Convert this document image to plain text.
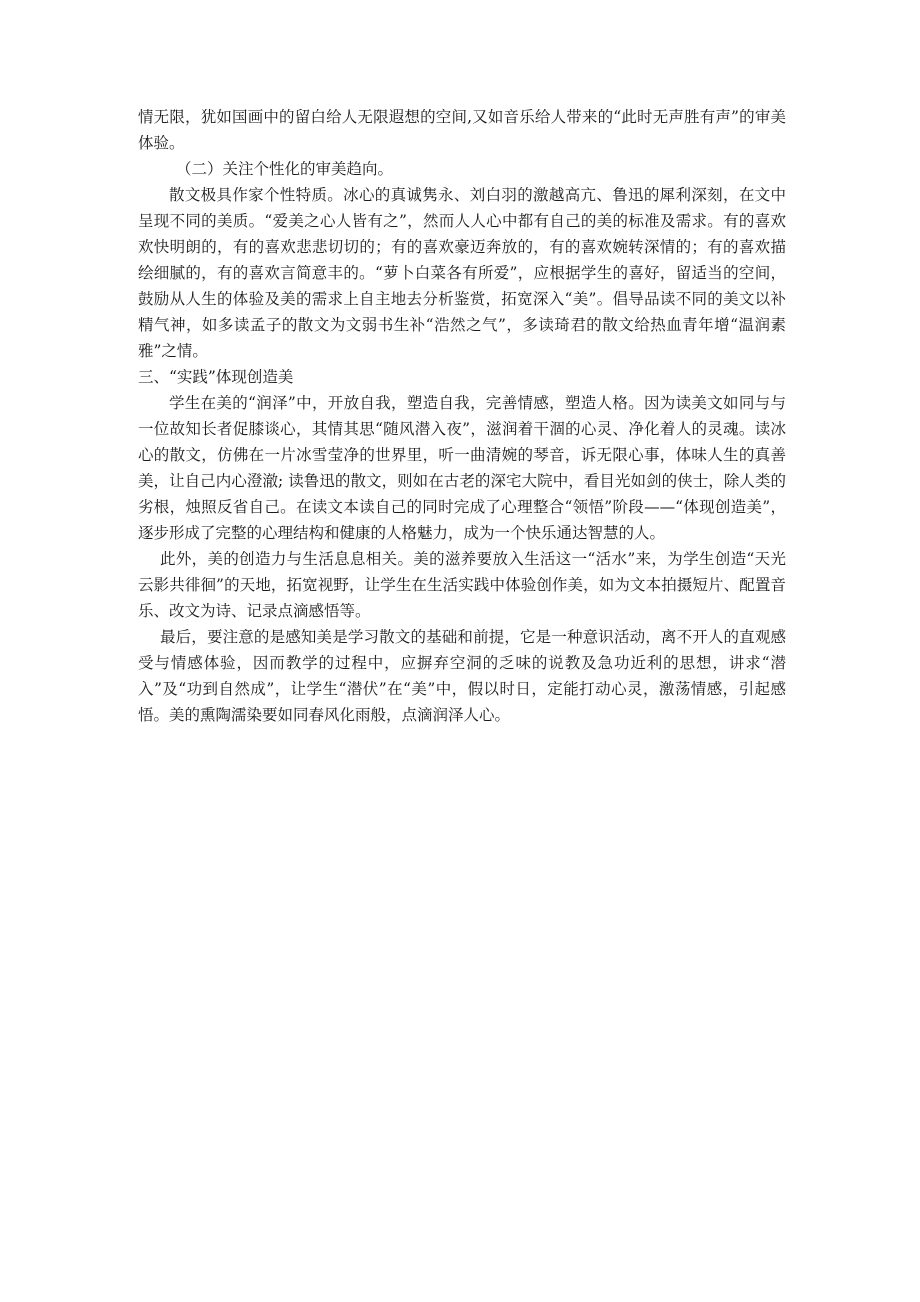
情无限，犹如国画中的留白给人无限遐想的空间,又如音乐给人带来的“此时无声胜有声”的审美体验。

（二）关注个性化的审美趋向。

散文极具作家个性特质。冰心的真诚隽永、刘白羽的激越高亢、鲁迅的犀利深刻，在文中呈现不同的美质。“爱美之心人皆有之”，然而人人心中都有自己的美的标准及需求。有的喜欢欢快明朗的，有的喜欢悲悲切切的；有的喜欢豪迈奔放的，有的喜欢婉转深情的；有的喜欢描绘细腻的，有的喜欢言简意丰的。“萝卜白菜各有所爱”，应根据学生的喜好，留适当的空间，鼓励从人生的体验及美的需求上自主地去分析鉴赏，拓宽深入“美”。倡导品读不同的美文以补精气神，如多读孟子的散文为文弱书生补“浩然之气”，多读琦君的散文给热血青年增“温润素雅”之情。

三、“实践”体现创造美

学生在美的“润泽”中，开放自我，塑造自我，完善情感，塑造人格。因为读美文如同与与一位故知长者促膝谈心，其情其思“随风潜入夜”，滋润着干涸的心灵、净化着人的灵魂。读冰心的散文，仿佛在一片冰雪莹净的世界里，听一曲清婉的琴音，诉无限心事，体味人生的真善美，让自己内心澄澈; 读鲁迅的散文，则如在古老的深宅大院中，看目光如剑的侠士，除人类的劣根，烛照反省自己。在读文本读自己的同时完成了心理整合“领悟”阶段——“体现创造美”，逐步形成了完整的心理结构和健康的人格魅力，成为一个快乐通达智慧的人。

此外，美的创造力与生活息息相关。美的滋养要放入生活这一“活水”来，为学生创造“天光云影共徘徊”的天地，拓宽视野，让学生在生活实践中体验创作美，如为文本拍摄短片、配置音乐、改文为诗、记录点滴感悟等。

最后，要注意的是感知美是学习散文的基础和前提，它是一种意识活动，离不开人的直观感受与情感体验，因而教学的过程中，应摒弃空洞的乏味的说教及急功近利的思想，讲求“潜入”及“功到自然成”，让学生“潜伏”在“美”中，假以时日，定能打动心灵，激荡情感，引起感悟。美的熏陶濡染要如同春风化雨般，点滴润泽人心。
